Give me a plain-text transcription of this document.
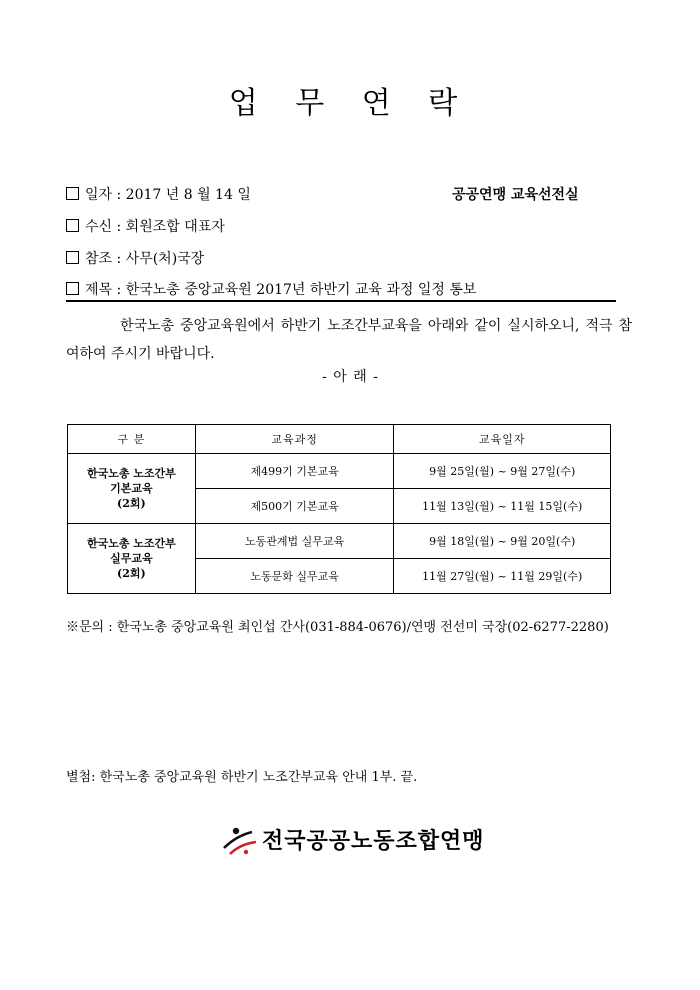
업 무 연 락
일자 : 2017 년 8 월 14 일	공공연맹 교육선전실
수신 : 회원조합 대표자
참조 : 사무(처)국장
제목 : 한국노총 중앙교육원 2017년 하반기 교육 과정 일정 통보
한국노총 중앙교육원에서 하반기 노조간부교육을 아래와 같이 실시하오니, 적극 참여하여 주시기 바랍니다.
- 아 래 -
구 분	교육과정	교육일자

한국노총 노조간부
기본교육
(2회)	제499기 기본교육	9월 25일(월) ~ 9월 27일(수)
	제500기 기본교육	11월 13일(월) ~ 11월 15일(수)

한국노총 노조간부
실무교육
(2회)	노동관계법 실무교육	9월 18일(월) ~ 9월 20일(수)
	노동문화 실무교육	11월 27일(월) ~ 11월 29일(수)
※문의 : 한국노총 중앙교육원 최인섭 간사(031-884-0676)/연맹 전선미 국장(02-6277-2280)
별첨: 한국노총 중앙교육원 하반기 노조간부교육 안내 1부. 끝.
전국공공노동조합연맹
